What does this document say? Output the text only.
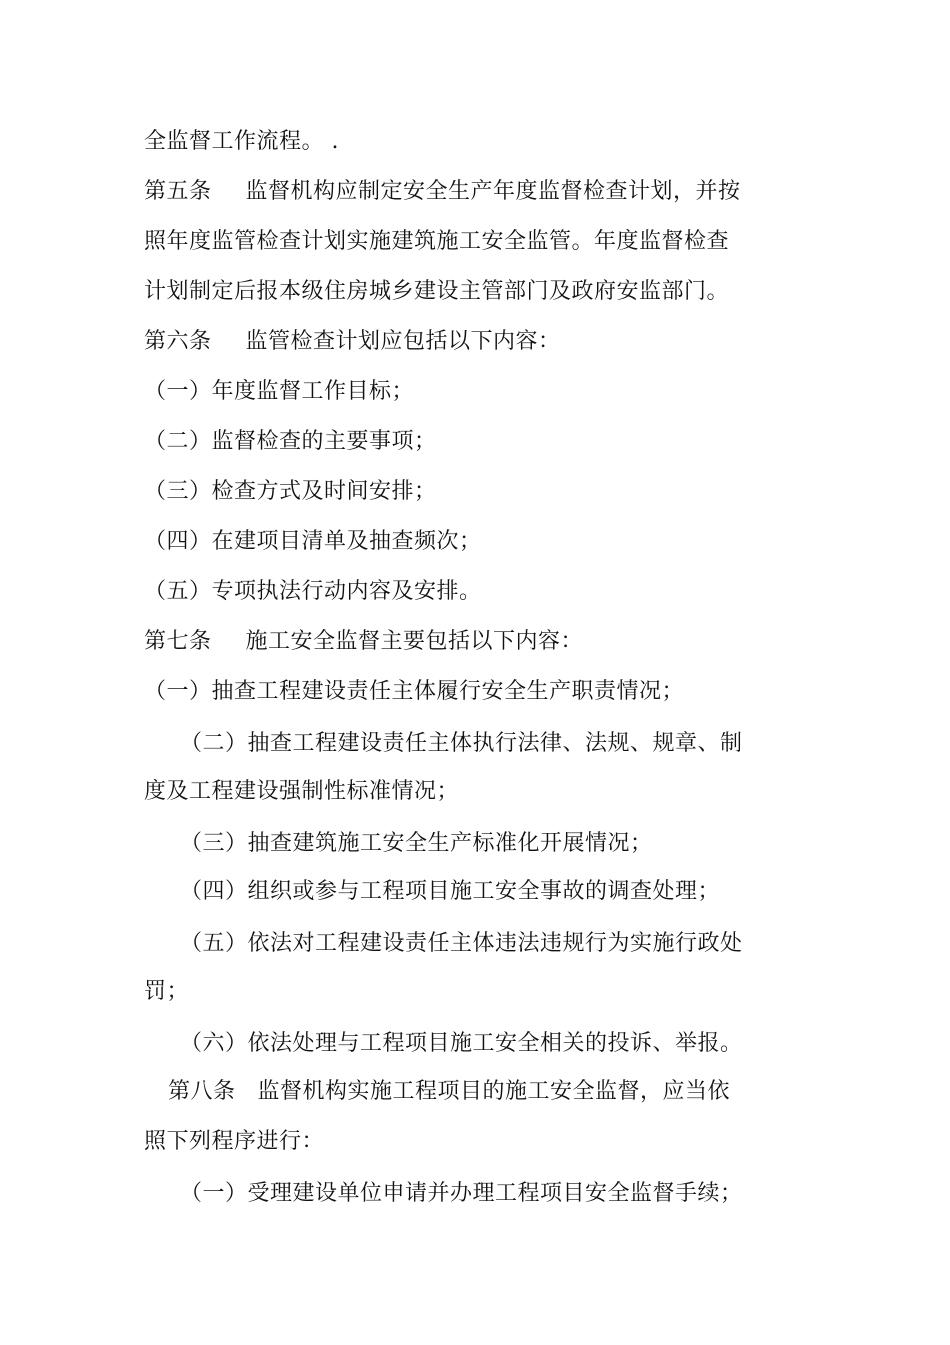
全监督工作流程。 .
第五条 监督机构应制定安全生产年度监督检查计划，并按
照年度监管检查计划实施建筑施工安全监管。年度监督检查
计划制定后报本级住房城乡建设主管部门及政府安监部门。
第六条 监管检查计划应包括以下内容：
（一）年度监督工作目标；
（二）监督检查的主要事项；
（三）检查方式及时间安排；
（四）在建项目清单及抽查频次；
（五）专项执法行动内容及安排。
第七条 施工安全监督主要包括以下内容：
（一）抽查工程建设责任主体履行安全生产职责情况；
（二）抽查工程建设责任主体执行法律、法规、规章、制
度及工程建设强制性标准情况；
（三）抽查建筑施工安全生产标准化开展情况；
（四）组织或参与工程项目施工安全事故的调查处理；
（五）依法对工程建设责任主体违法违规行为实施行政处
罚；
（六）依法处理与工程项目施工安全相关的投诉、举报。
第八条 监督机构实施工程项目的施工安全监督，应当依
照下列程序进行：
（一）受理建设单位申请并办理工程项目安全监督手续；
